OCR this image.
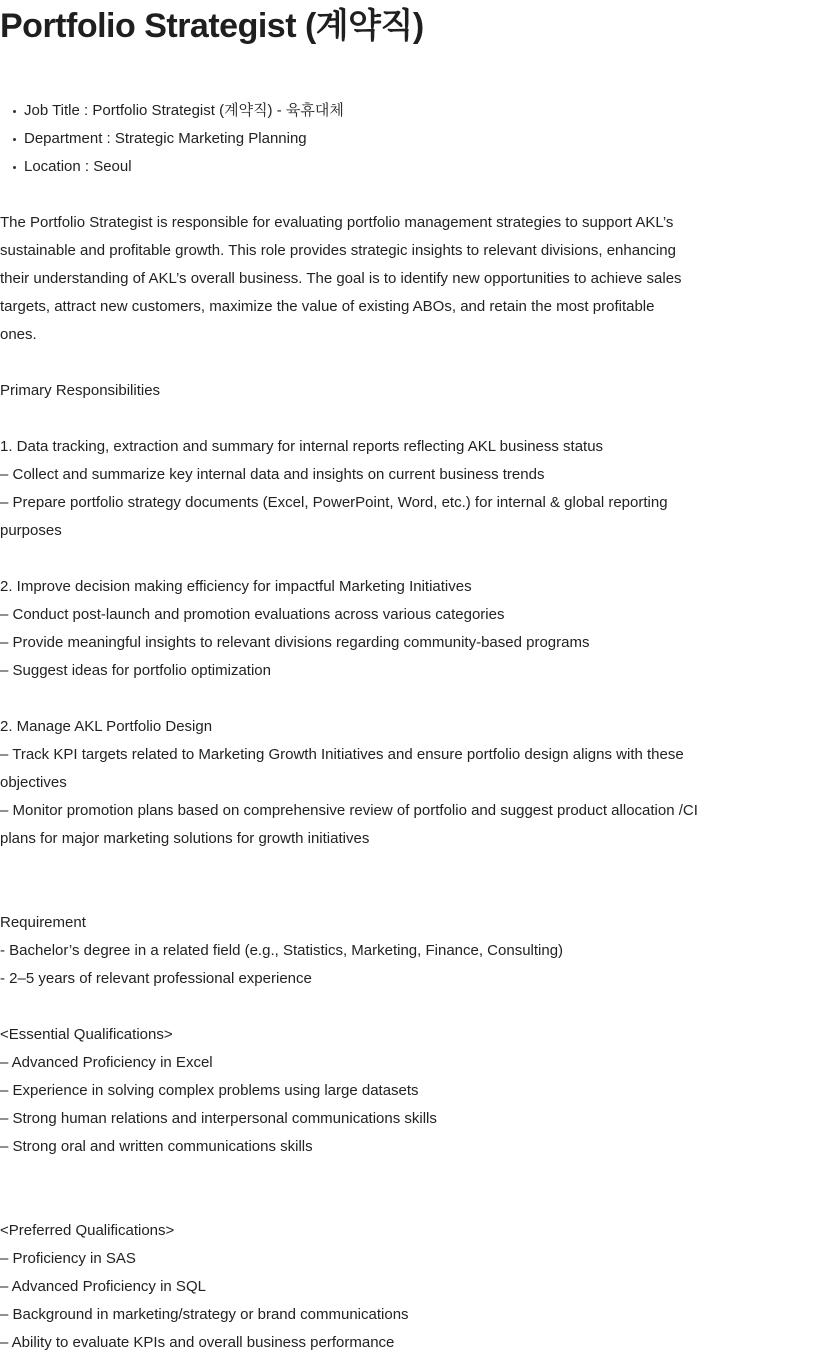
Portfolio Strategist (계약직)
Job Title : Portfolio Strategist (계약직) - 육휴대체
Department : Strategic Marketing Planning
Location : Seoul
The Portfolio Strategist is responsible for evaluating portfolio management strategies to support AKL’s
sustainable and profitable growth. This role provides strategic insights to relevant divisions, enhancing
their understanding of AKL’s overall business. The goal is to identify new opportunities to achieve sales
targets, attract new customers, maximize the value of existing ABOs, and retain the most profitable
ones.
Primary Responsibilities
1. Data tracking, extraction and summary for internal reports reflecting AKL business status
– Collect and summarize key internal data and insights on current business trends
– Prepare portfolio strategy documents (Excel, PowerPoint, Word, etc.) for internal & global reporting
purposes
2. Improve decision making efficiency for impactful Marketing Initiatives
– Conduct post-launch and promotion evaluations across various categories
– Provide meaningful insights to relevant divisions regarding community-based programs
– Suggest ideas for portfolio optimization
2. Manage AKL Portfolio Design
– Track KPI targets related to Marketing Growth Initiatives and ensure portfolio design aligns with these
objectives
– Monitor promotion plans based on comprehensive review of portfolio and suggest product allocation /CI
plans for major marketing solutions for growth initiatives
Requirement
- Bachelor’s degree in a related field (e.g., Statistics, Marketing, Finance, Consulting)
- 2–5 years of relevant professional experience
<Essential Qualifications>
– Advanced Proficiency in Excel
– Experience in solving complex problems using large datasets
– Strong human relations and interpersonal communications skills
– Strong oral and written communications skills
<Preferred Qualifications>
– Proficiency in SAS
– Advanced Proficiency in SQL
– Background in marketing/strategy or brand communications
– Ability to evaluate KPIs and overall business performance
